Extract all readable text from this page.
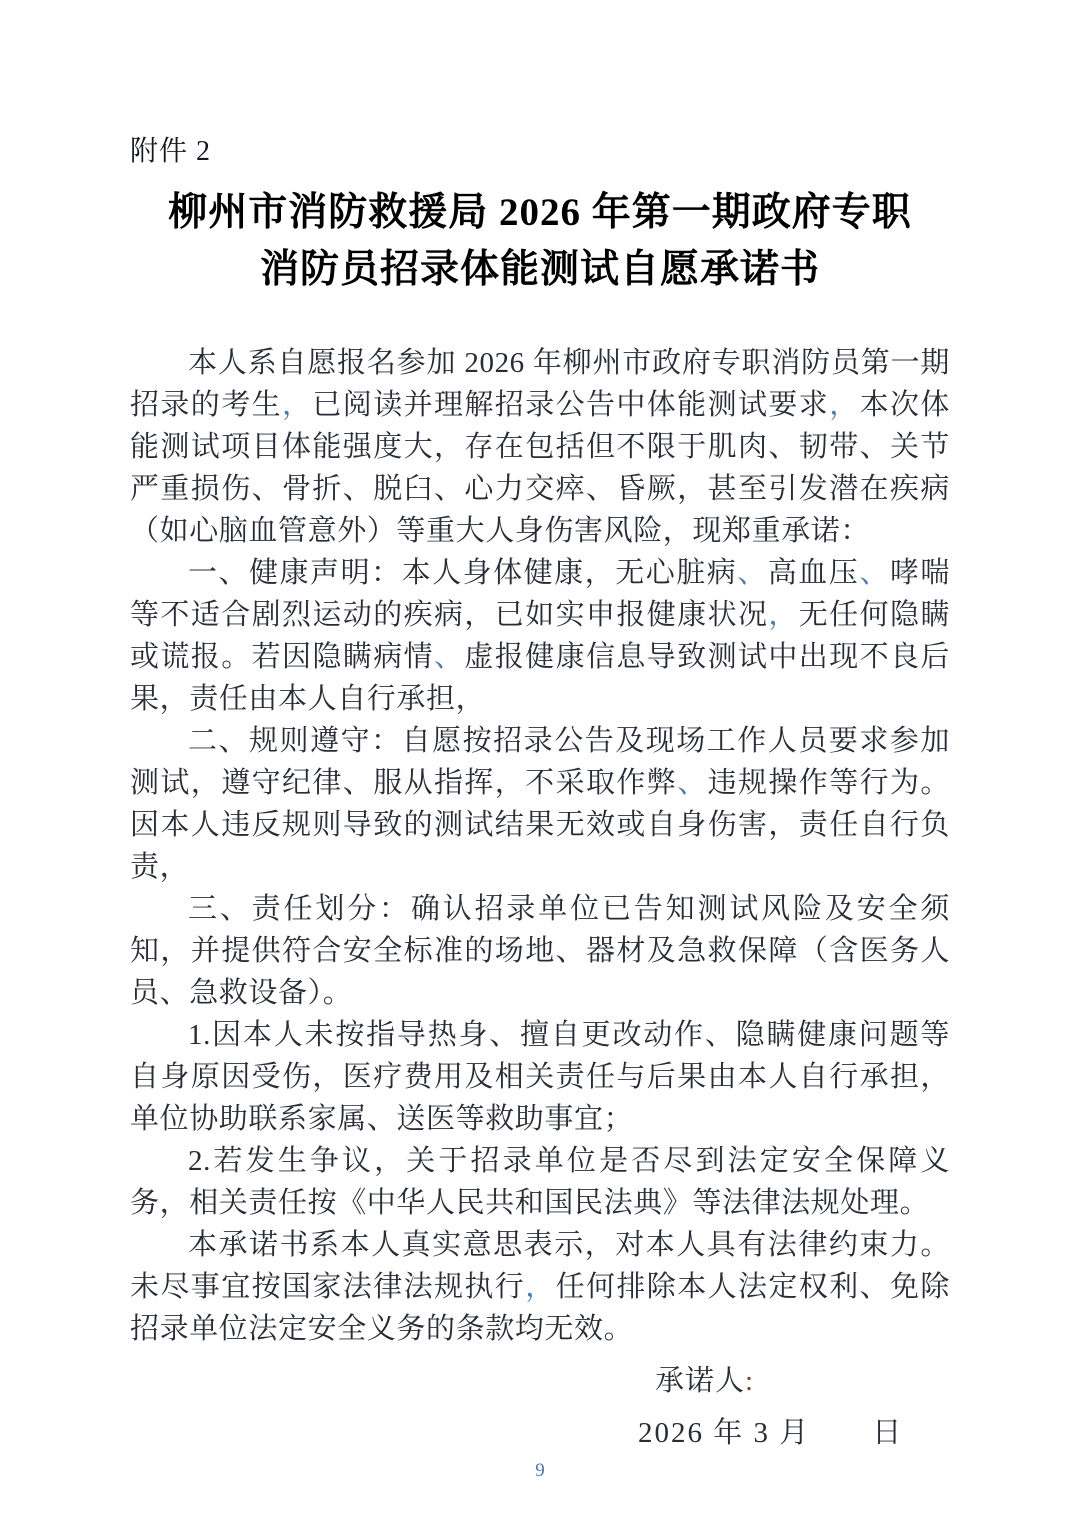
附件 2
柳州市消防救援局 2026 年第一期政府专职
消防员招录体能测试自愿承诺书

本人系自愿报名参加 2026 年柳州市政府专职消防员第一期招录的考生，已阅读并理解招录公告中体能测试要求，本次体能测试项目体能强度大，存在包括但不限于肌肉、韧带、关节严重损伤、骨折、脱臼、心力交瘁、昏厥，甚至引发潜在疾病（如心脑血管意外）等重大人身伤害风险，现郑重承诺：

一、健康声明：本人身体健康，无心脏病、高血压、哮喘等不适合剧烈运动的疾病，已如实申报健康状况，无任何隐瞒或谎报。若因隐瞒病情、虚报健康信息导致测试中出现不良后果，责任由本人自行承担，

二、规则遵守：自愿按招录公告及现场工作人员要求参加测试，遵守纪律、服从指挥，不采取作弊、违规操作等行为。因本人违反规则导致的测试结果无效或自身伤害，责任自行负责，

三、责任划分：确认招录单位已告知测试风险及安全须知，并提供符合安全标准的场地、器材及急救保障（含医务人员、急救设备）。

1.因本人未按指导热身、擅自更改动作、隐瞒健康问题等自身原因受伤，医疗费用及相关责任与后果由本人自行承担，单位协助联系家属、送医等救助事宜；

2.若发生争议，关于招录单位是否尽到法定安全保障义务，相关责任按《中华人民共和国民法典》等法律法规处理。

本承诺书系本人真实意思表示，对本人具有法律约束力。未尽事宜按国家法律法规执行，任何排除本人法定权利、免除招录单位法定安全义务的条款均无效。

承诺人:
2026 年 3 月　　日
9
